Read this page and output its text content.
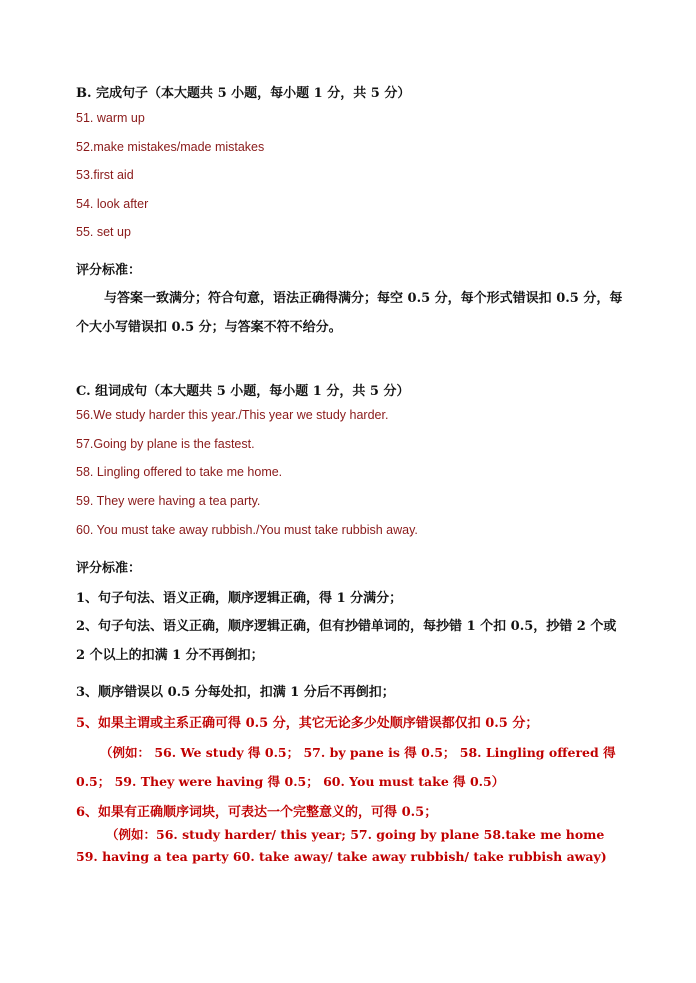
B. 完成句子（本大题共 5 小题，每小题 1 分，共 5 分）
51. warm up
52.make mistakes/made mistakes
53.first aid
54. look after
55. set up
评分标准：
与答案一致满分；符合句意，语法正确得满分；每空 0.5 分，每个形式错误扣 0.5 分，每个大小写错误扣 0.5 分；与答案不符不给分。
C. 组词成句（本大题共 5 小题，每小题 1 分，共 5 分）
56.We study harder this year./This year we study harder.
57.Going by plane is the fastest.
58. Lingling offered to take me home.
59. They were having a tea party.
60. You must take away rubbish./You must take rubbish away.
评分标准：
1、句子句法、语义正确，顺序逻辑正确，得 1 分满分；
2、句子句法、语义正确，顺序逻辑正确，但有抄错单词的，每抄错 1 个扣 0.5，抄错 2 个或 2 个以上的扣满 1 分不再倒扣；
3、顺序错误以 0.5 分每处扣，扣满 1 分后不再倒扣；
5、如果主谓或主系正确可得 0.5 分，其它无论多少处顺序错误都仅扣 0.5 分；
（例如： 56. We study 得 0.5； 57. by pane is 得 0.5； 58. Lingling offered 得 0.5； 59. They were having 得 0.5； 60. You must take 得 0.5）
6、如果有正确顺序词块，可表达一个完整意义的，可得 0.5；
（例如：56. study harder/ this year; 57. going by plane 58.take me home 59. having a tea party 60. take away/ take away rubbish/ take rubbish away)
